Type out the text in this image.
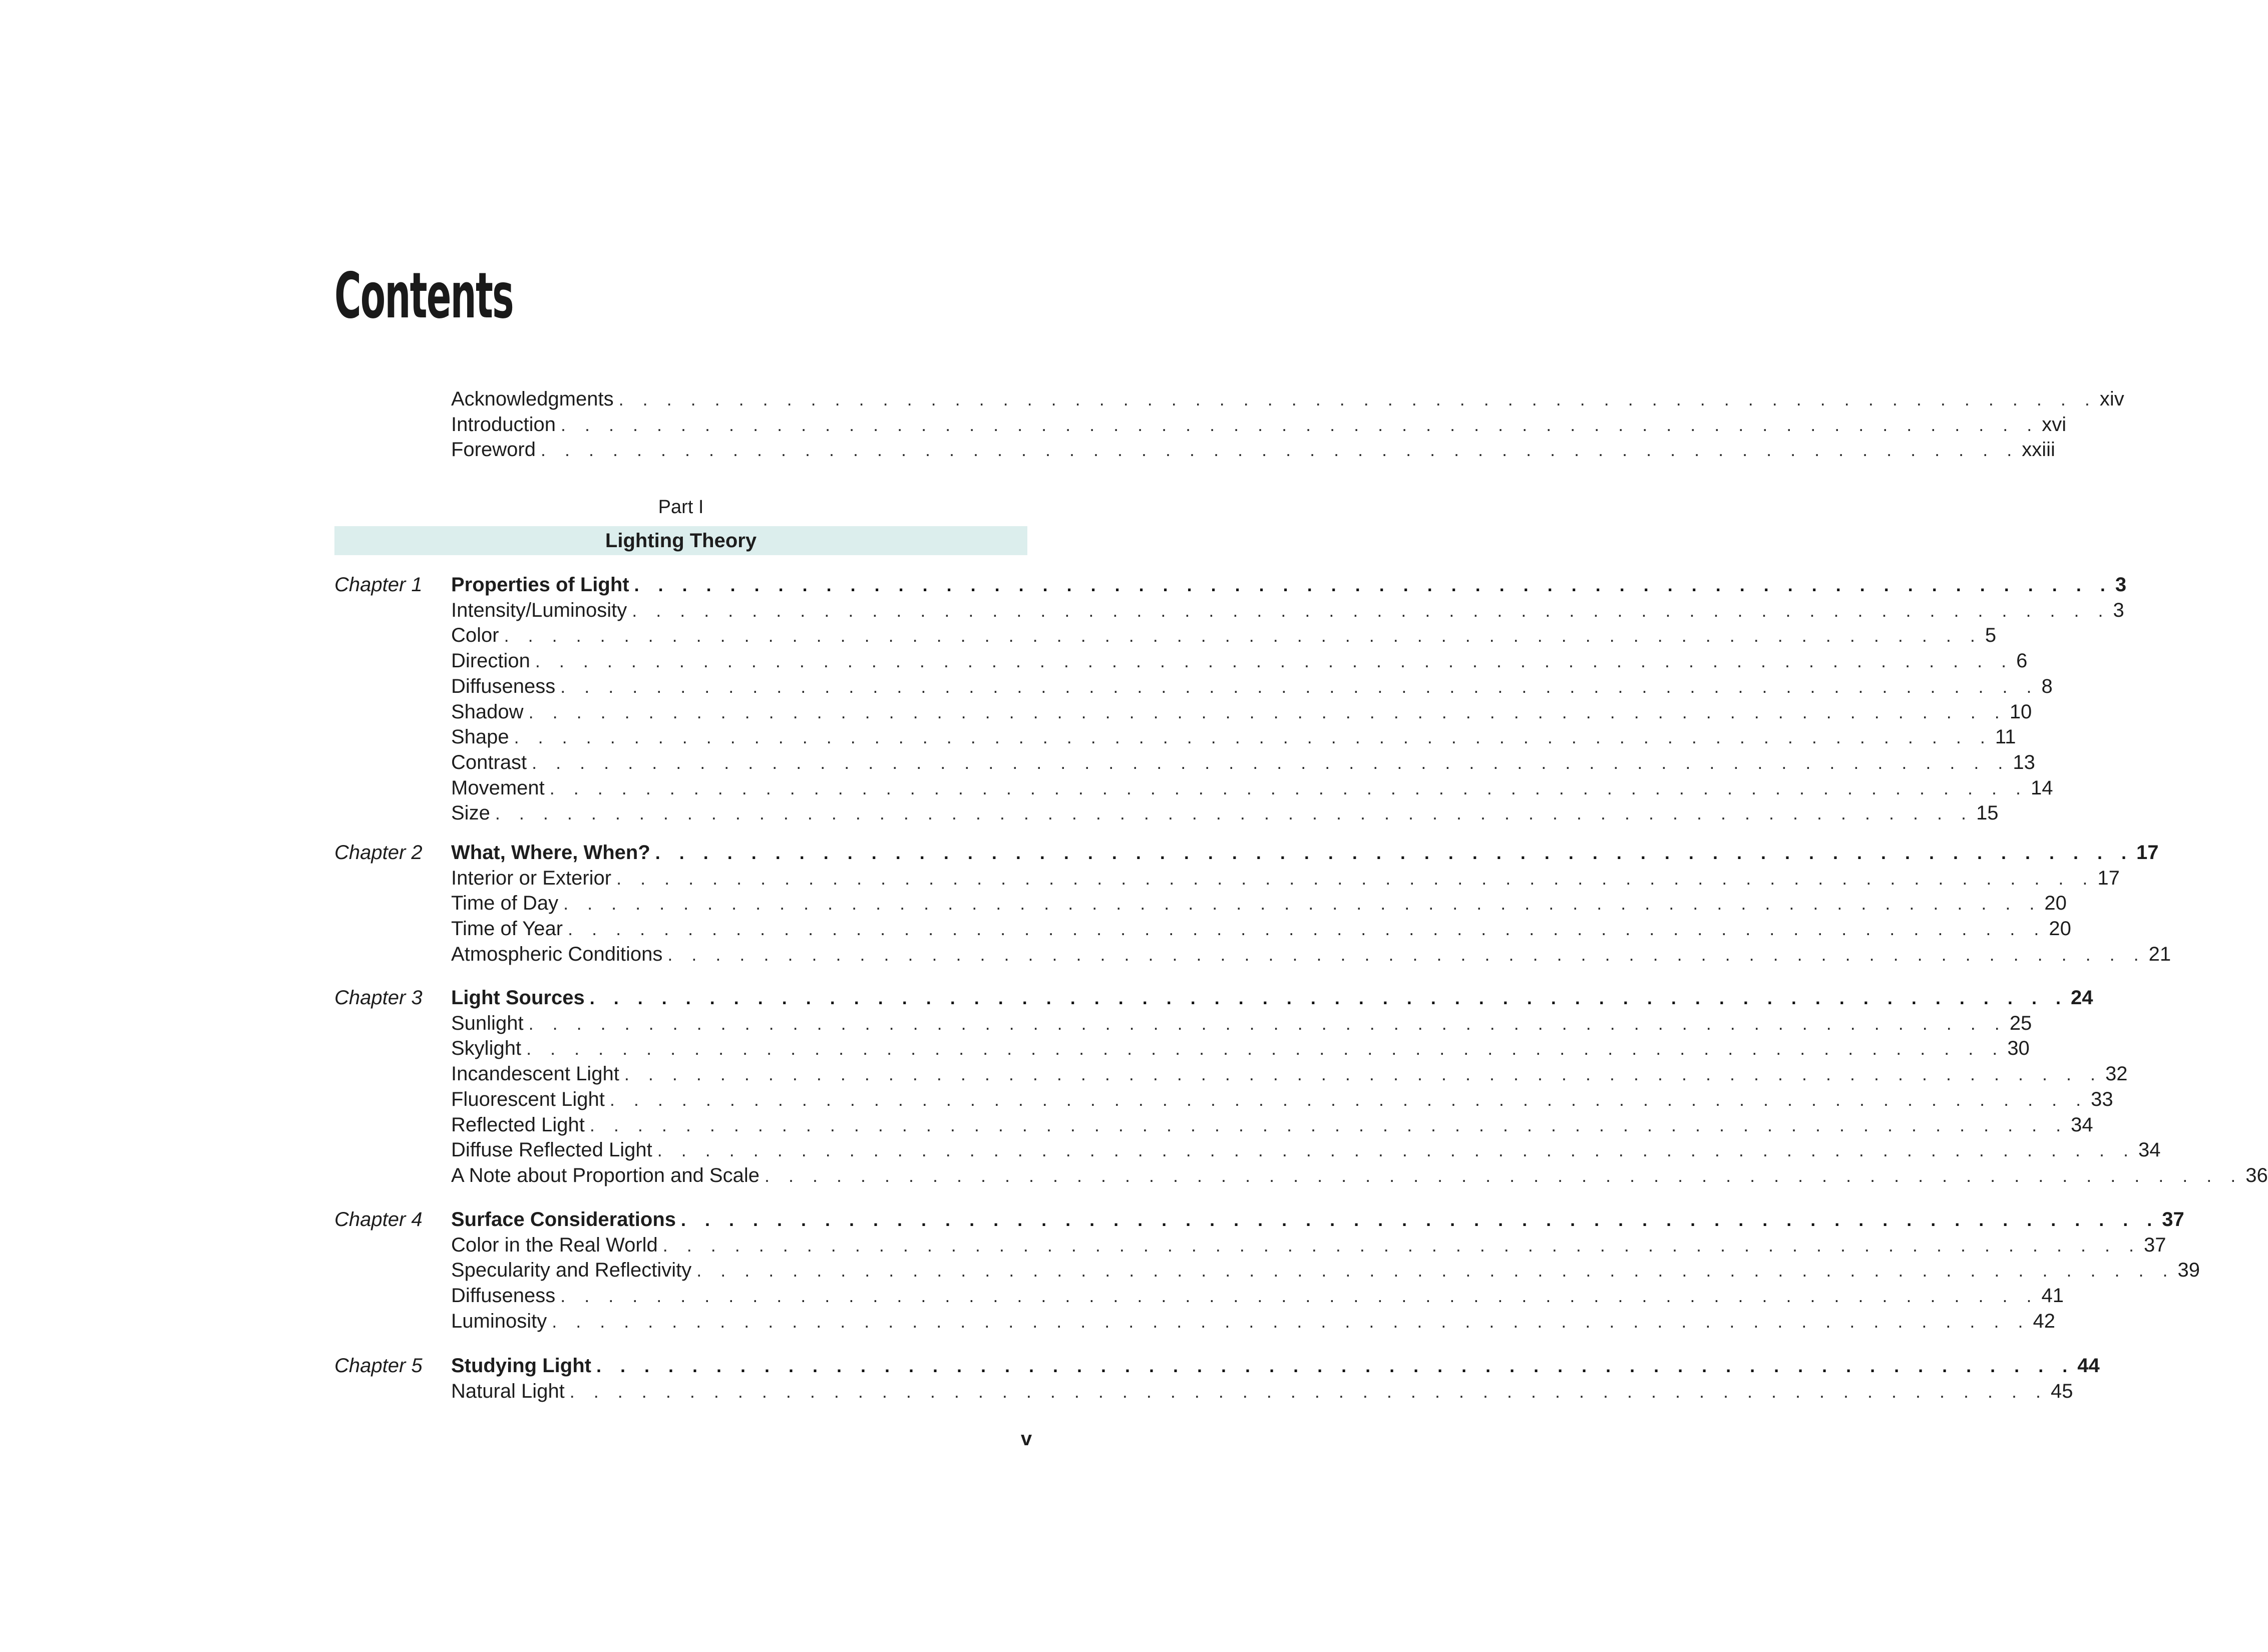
Contents
Acknowledgments . . . . . . . . . . . . . . . . . . . . . . . . . . . . . . . . . . . . . . . . . . . . . . . . . . . . . . . . . . . . . . xiv
Introduction . . . . . . . . . . . . . . . . . . . . . . . . . . . . . . . . . . . . . . . . . . . . . . . . . . . . . . . . . . . . . . xvi
Foreword . . . . . . . . . . . . . . . . . . . . . . . . . . . . . . . . . . . . . . . . . . . . . . . . . . . . . . . . . . . . . . xxiii
Part I
Lighting Theory
Chapter 1 Properties of Light . . . . . . . . . . . . . . . . . . . . . . . . . . . . . . . . . . . . . . . . . . . . . . . . . . . . . . . . . . . . . . 3
Intensity/Luminosity . . . . . . . . . . . . . . . . . . . . . . . . . . . . . . . . . . . . . . . . . . . . . . . . . . . . . . . . . . . . . . 3
Color . . . . . . . . . . . . . . . . . . . . . . . . . . . . . . . . . . . . . . . . . . . . . . . . . . . . . . . . . . . . . . 5
Direction . . . . . . . . . . . . . . . . . . . . . . . . . . . . . . . . . . . . . . . . . . . . . . . . . . . . . . . . . . . . . . 6
Diffuseness . . . . . . . . . . . . . . . . . . . . . . . . . . . . . . . . . . . . . . . . . . . . . . . . . . . . . . . . . . . . . . 8
Shadow . . . . . . . . . . . . . . . . . . . . . . . . . . . . . . . . . . . . . . . . . . . . . . . . . . . . . . . . . . . . . . 10
Shape . . . . . . . . . . . . . . . . . . . . . . . . . . . . . . . . . . . . . . . . . . . . . . . . . . . . . . . . . . . . . . 11
Contrast . . . . . . . . . . . . . . . . . . . . . . . . . . . . . . . . . . . . . . . . . . . . . . . . . . . . . . . . . . . . . . 13
Movement . . . . . . . . . . . . . . . . . . . . . . . . . . . . . . . . . . . . . . . . . . . . . . . . . . . . . . . . . . . . . . 14
Size . . . . . . . . . . . . . . . . . . . . . . . . . . . . . . . . . . . . . . . . . . . . . . . . . . . . . . . . . . . . . . 15
Chapter 2 What, Where, When? . . . . . . . . . . . . . . . . . . . . . . . . . . . . . . . . . . . . . . . . . . . . . . . . . . . . . . . . . . . . . . 17
Interior or Exterior . . . . . . . . . . . . . . . . . . . . . . . . . . . . . . . . . . . . . . . . . . . . . . . . . . . . . . . . . . . . . . 17
Time of Day . . . . . . . . . . . . . . . . . . . . . . . . . . . . . . . . . . . . . . . . . . . . . . . . . . . . . . . . . . . . . . 20
Time of Year . . . . . . . . . . . . . . . . . . . . . . . . . . . . . . . . . . . . . . . . . . . . . . . . . . . . . . . . . . . . . . 20
Atmospheric Conditions . . . . . . . . . . . . . . . . . . . . . . . . . . . . . . . . . . . . . . . . . . . . . . . . . . . . . . . . . . . . . . 21
Chapter 3 Light Sources . . . . . . . . . . . . . . . . . . . . . . . . . . . . . . . . . . . . . . . . . . . . . . . . . . . . . . . . . . . . . . 24
Sunlight . . . . . . . . . . . . . . . . . . . . . . . . . . . . . . . . . . . . . . . . . . . . . . . . . . . . . . . . . . . . . . 25
Skylight . . . . . . . . . . . . . . . . . . . . . . . . . . . . . . . . . . . . . . . . . . . . . . . . . . . . . . . . . . . . . . 30
Incandescent Light . . . . . . . . . . . . . . . . . . . . . . . . . . . . . . . . . . . . . . . . . . . . . . . . . . . . . . . . . . . . . . 32
Fluorescent Light . . . . . . . . . . . . . . . . . . . . . . . . . . . . . . . . . . . . . . . . . . . . . . . . . . . . . . . . . . . . . . 33
Reflected Light . . . . . . . . . . . . . . . . . . . . . . . . . . . . . . . . . . . . . . . . . . . . . . . . . . . . . . . . . . . . . . 34
Diffuse Reflected Light . . . . . . . . . . . . . . . . . . . . . . . . . . . . . . . . . . . . . . . . . . . . . . . . . . . . . . . . . . . . . . 34
A Note about Proportion and Scale . . . . . . . . . . . . . . . . . . . . . . . . . . . . . . . . . . . . . . . . . . . . . . . . . . . . . . . . . . . . . . 36
Chapter 4 Surface Considerations . . . . . . . . . . . . . . . . . . . . . . . . . . . . . . . . . . . . . . . . . . . . . . . . . . . . . . . . . . . . . . 37
Color in the Real World . . . . . . . . . . . . . . . . . . . . . . . . . . . . . . . . . . . . . . . . . . . . . . . . . . . . . . . . . . . . . . 37
Specularity and Reflectivity . . . . . . . . . . . . . . . . . . . . . . . . . . . . . . . . . . . . . . . . . . . . . . . . . . . . . . . . . . . . . . 39
Diffuseness . . . . . . . . . . . . . . . . . . . . . . . . . . . . . . . . . . . . . . . . . . . . . . . . . . . . . . . . . . . . . . 41
Luminosity . . . . . . . . . . . . . . . . . . . . . . . . . . . . . . . . . . . . . . . . . . . . . . . . . . . . . . . . . . . . . . 42
Chapter 5 Studying Light . . . . . . . . . . . . . . . . . . . . . . . . . . . . . . . . . . . . . . . . . . . . . . . . . . . . . . . . . . . . . . 44
Natural Light . . . . . . . . . . . . . . . . . . . . . . . . . . . . . . . . . . . . . . . . . . . . . . . . . . . . . . . . . . . . . . 45
v
